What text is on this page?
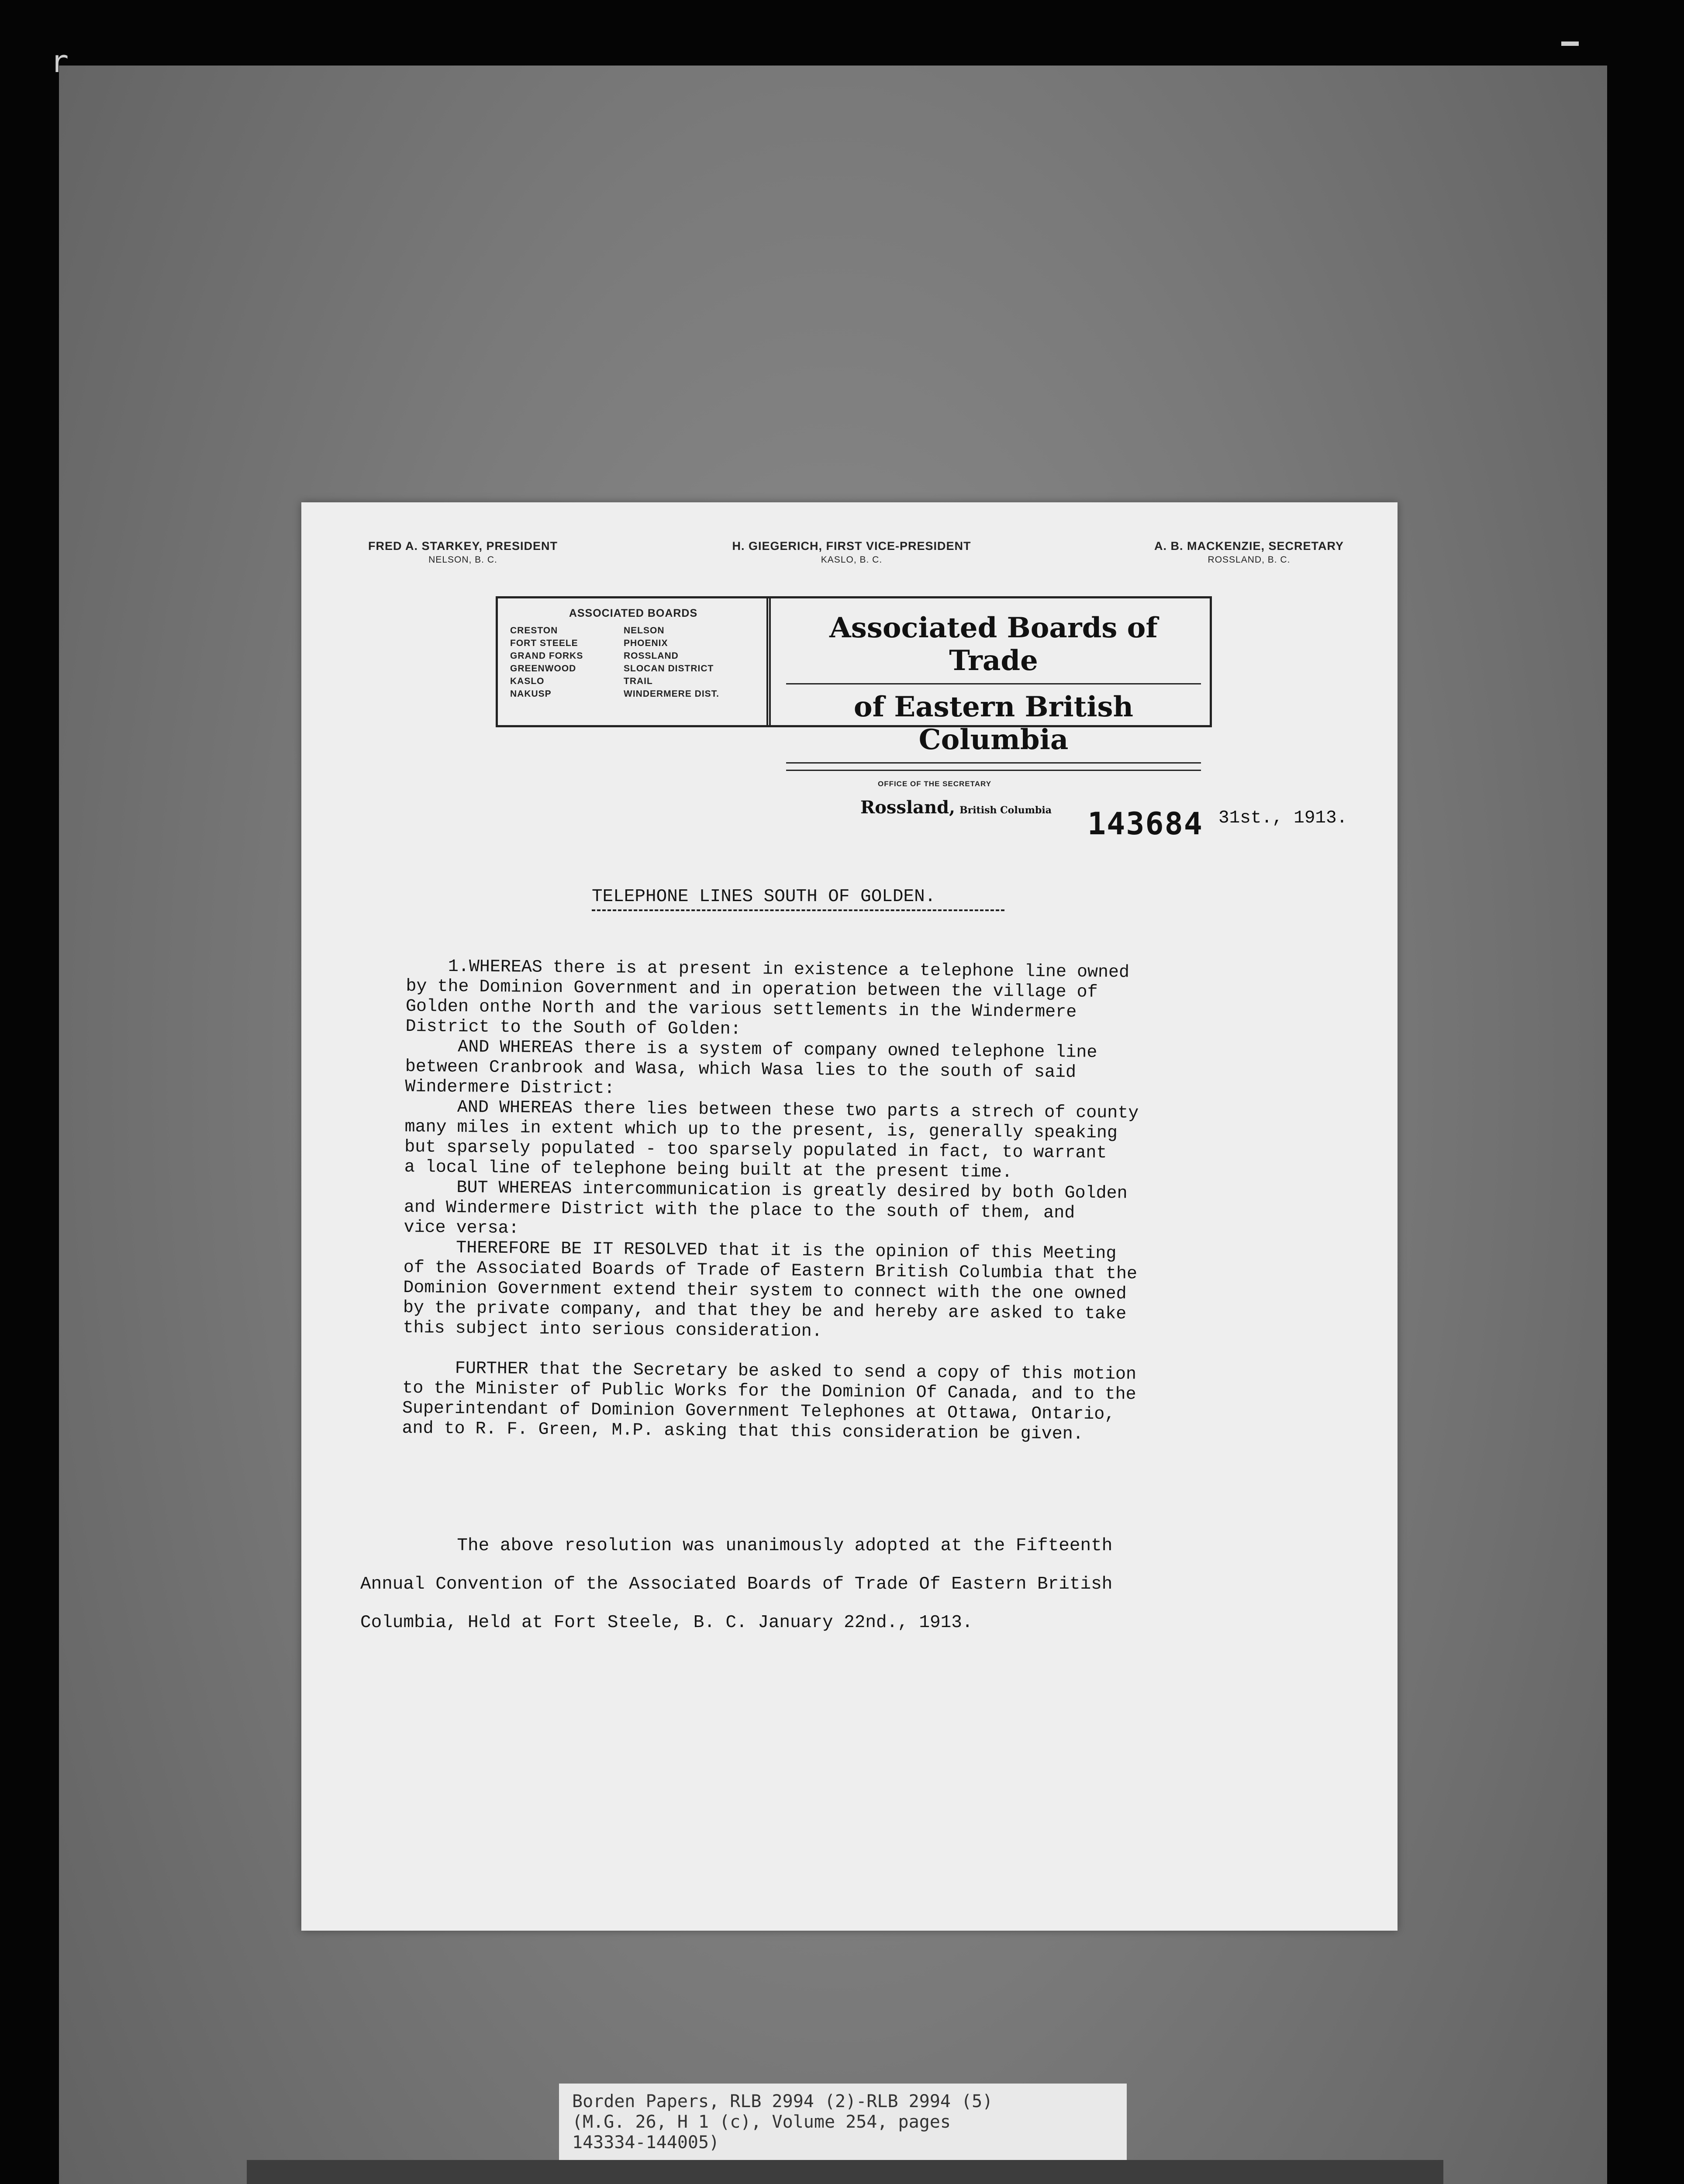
r
FRED A. STARKEY, PRESIDENT
NELSON, B. C.
H. GIEGERICH, FIRST VICE-PRESIDENT
KASLO, B. C.
A. B. MACKENZIE, SECRETARY
ROSSLAND, B. C.
ASSOCIATED BOARDS
CRESTON
FORT STEELE
GRAND FORKS
GREENWOOD
KASLO
NAKUSP
NELSON
PHOENIX
ROSSLAND
SLOCAN DISTRICT
TRAIL
WINDERMERE DIST.
Associated Boards of Trade
of Eastern British Columbia
OFFICE OF THE SECRETARY
Rossland, British Columbia 143684 31st., 1913.
TELEPHONE LINES SOUTH OF GOLDEN.
1.WHEREAS there is at present in existence a telephone line owned
by the Dominion Government and in operation between the village of
Golden onthe North and the various settlements in the Windermere
District to the South of Golden:
AND WHEREAS there is a system of company owned telephone line
between Cranbrook and Wasa, which Wasa lies to the south of said
Windermere District:
AND WHEREAS there lies between these two parts a strech of county
many miles in extent which up to the present, is, generally speaking
but sparsely populated - too sparsely populated in fact, to warrant
a local line of telephone being built at the present time.
BUT WHEREAS intercommunication is greatly desired by both Golden
and Windermere District with the place to the south of them, and
vice versa:
THEREFORE BE IT RESOLVED that it is the opinion of this Meeting
of the Associated Boards of Trade of Eastern British Columbia that the
Dominion Government extend their system to connect with the one owned
by the private company, and that they be and hereby are asked to take
this subject into serious consideration.
FURTHER that the Secretary be asked to send a copy of this motion
to the Minister of Public Works for the Dominion Of Canada, and to the
Superintendant of Dominion Government Telephones at Ottawa, Ontario,
and to R. F. Green, M.P. asking that this consideration be given.
The above resolution was unanimously adopted at the Fifteenth
Annual Convention of the Associated Boards of Trade Of Eastern British
Columbia, Held at Fort Steele, B. C. January 22nd., 1913.
Borden Papers, RLB 2994 (2)-RLB 2994 (5)
(M.G. 26, H 1 (c), Volume 254, pages
143334-144005)
